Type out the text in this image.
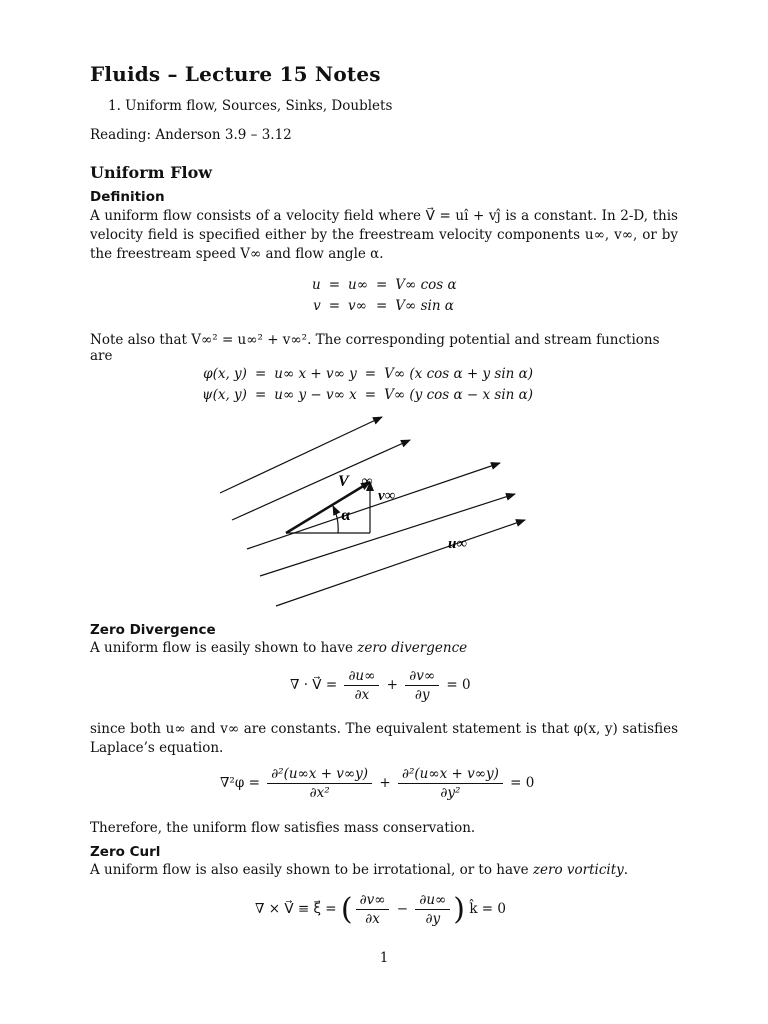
Fluids – Lecture 15 Notes
1. Uniform flow, Sources, Sinks, Doublets
Reading: Anderson 3.9 – 3.12
Uniform Flow
Definition
A uniform flow consists of a velocity field where V⃗ = uî + vĵ is a constant. In 2-D, this velocity field is specified either by the freestream velocity components u∞, v∞, or by the freestream speed V∞ and flow angle α.
u	=	u∞	=	V∞ cos α
v	=	v∞	=	V∞ sin α
Note also that V∞² = u∞² + v∞². The corresponding potential and stream functions are
φ(x, y)	=	u∞ x + v∞ y	=	V∞ (x cos α + y sin α)
ψ(x, y)	=	u∞ y − v∞ x	=	V∞ (y cos α − x sin α)
V⃗∞
v∞
u∞
α
Zero Divergence
A uniform flow is easily shown to have zero divergence
∇ · V⃗ = $\frac{\partial u\infty}{\partial x} + \frac{\partial v\infty}{\partial y} = 0$
since both u∞ and v∞ are constants. The equivalent statement is that φ(x, y) satisfies Laplace’s equation.
$\nabla^2\varphi = \frac{\text{∂²(u∞x + v∞y)}}{\text{∂x²}} + \frac{\text{∂²(u∞x + v∞y)}}{\text{∂y²}} = 0$
Therefore, the uniform flow satisfies mass conservation.
Zero Curl
A uniform flow is also easily shown to be irrotational, or to have zero vorticity.
∇ × V⃗ ≡ ξ⃗ = ( $\frac{\partial v\infty}{\partial x} - \frac{\partial u\infty}{\partial y}$ ) k̂ = 0
1
